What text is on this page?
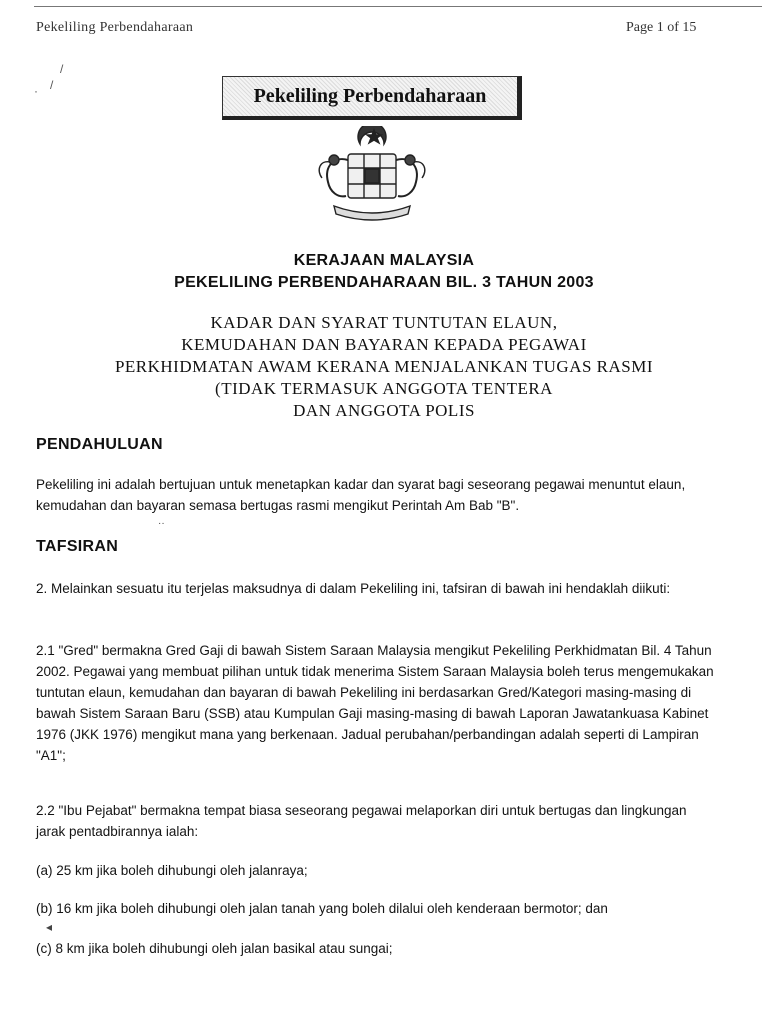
Pekeliling Perbendaharaan	Page 1 of 15
/
/
·	Pekeliling Perbendaharaan
KERAJAAN MALAYSIA
PEKELILING PERBENDAHARAAN BIL. 3 TAHUN 2003
KADAR DAN SYARAT TUNTUTAN ELAUN,
KEMUDAHAN DAN BAYARAN KEPADA PEGAWAI
PERKHIDMATAN AWAM KERANA MENJALANKAN TUGAS RASMI
(TIDAK TERMASUK ANGGOTA TENTERA
DAN ANGGOTA POLIS
PENDAHULUAN

Pekeliling ini adalah bertujuan untuk menetapkan kadar dan syarat bagi seseorang pegawai menuntut elaun, kemudahan dan bayaran semasa bertugas rasmi mengikut Perintah Am Bab "B".

··
TAFSIRAN

2. Melainkan sesuatu itu terjelas maksudnya di dalam Pekeliling ini, tafsiran di bawah ini hendaklah diikuti:

2.1 "Gred" bermakna Gred Gaji di bawah Sistem Saraan Malaysia mengikut Pekeliling Perkhidmatan Bil. 4 Tahun 2002. Pegawai yang membuat pilihan untuk tidak menerima Sistem Saraan Malaysia boleh terus mengemukakan tuntutan elaun, kemudahan dan bayaran di bawah Pekeliling ini berdasarkan Gred/Kategori masing-masing di bawah Sistem Saraan Baru (SSB) atau Kumpulan Gaji masing-masing di bawah Laporan Jawatankuasa Kabinet 1976 (JKK 1976) mengikut mana yang berkenaan. Jadual perubahan/perbandingan adalah seperti di Lampiran "A1";

2.2 "Ibu Pejabat" bermakna tempat biasa seseorang pegawai melaporkan diri untuk bertugas dan lingkungan jarak pentadbirannya ialah:

(a) 25 km jika boleh dihubungi oleh jalanraya;

(b) 16 km jika boleh dihubungi oleh jalan tanah yang boleh dilalui oleh kenderaan bermotor; dan

◂

(c) 8 km jika boleh dihubungi oleh jalan basikal atau sungai;
